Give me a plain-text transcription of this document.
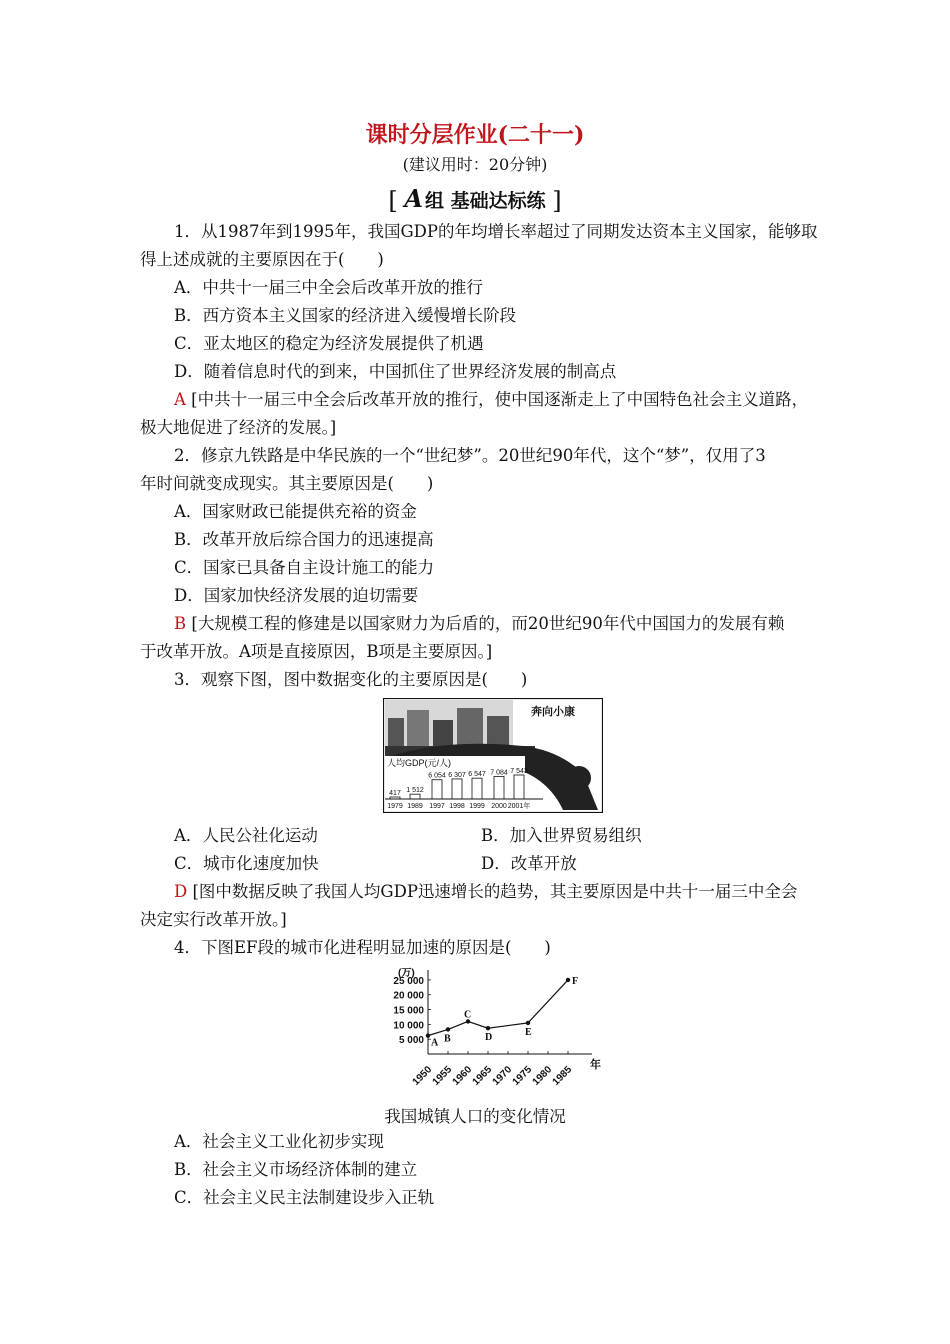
课时分层作业(二十一)
(建议用时：20分钟)
[ A 组 基础达标练 ]
1．从1987年到1995年，我国GDP的年均增长率超过了同期发达资本主义国家，能够取
得上述成就的主要原因在于(　　)
A．中共十一届三中全会后改革开放的推行
B．西方资本主义国家的经济进入缓慢增长阶段
C．亚太地区的稳定为经济发展提供了机遇
D．随着信息时代的到来，中国抓住了世界经济发展的制高点
A [中共十一届三中全会后改革开放的推行，使中国逐渐走上了中国特色社会主义道路，
极大地促进了经济的发展。]
2．修京九铁路是中华民族的一个“世纪梦”。20世纪90年代，这个“梦”，仅用了3
年时间就变成现实。其主要原因是(　　)
A．国家财政已能提供充裕的资金
B．改革开放后综合国力的迅速提高
C．国家已具备自主设计施工的能力
D．国家加快经济发展的迫切需要
B [大规模工程的修建是以国家财力为后盾的，而20世纪90年代中国国力的发展有赖
于改革开放。A项是直接原因，B项是主要原因。]
3．观察下图，图中数据变化的主要原因是(　　)
奔向小康
人均GDP(元/人)
417
1979
1 512
1989
6 054
1997
6 307
1998
6 547
1999
7 084
2000
7 543
2001年
A．人民公社化运动	B．加入世界贸易组织
C．城市化速度加快	D．改革开放
D [图中数据反映了我国人均GDP迅速增长的趋势，其主要原因是中共十一届三中全会
决定实行改革开放。]
4．下图EF段的城市化进程明显加速的原因是(　　)
(万)
25 000
20 000
15 000
10 000
5 000
1950
1955
1960
1965
1970
1975
1980
1985 年
A B
C
D	E
F
我国城镇人口的变化情况
A．社会主义工业化初步实现
B．社会主义市场经济体制的建立
C．社会主义民主法制建设步入正轨
